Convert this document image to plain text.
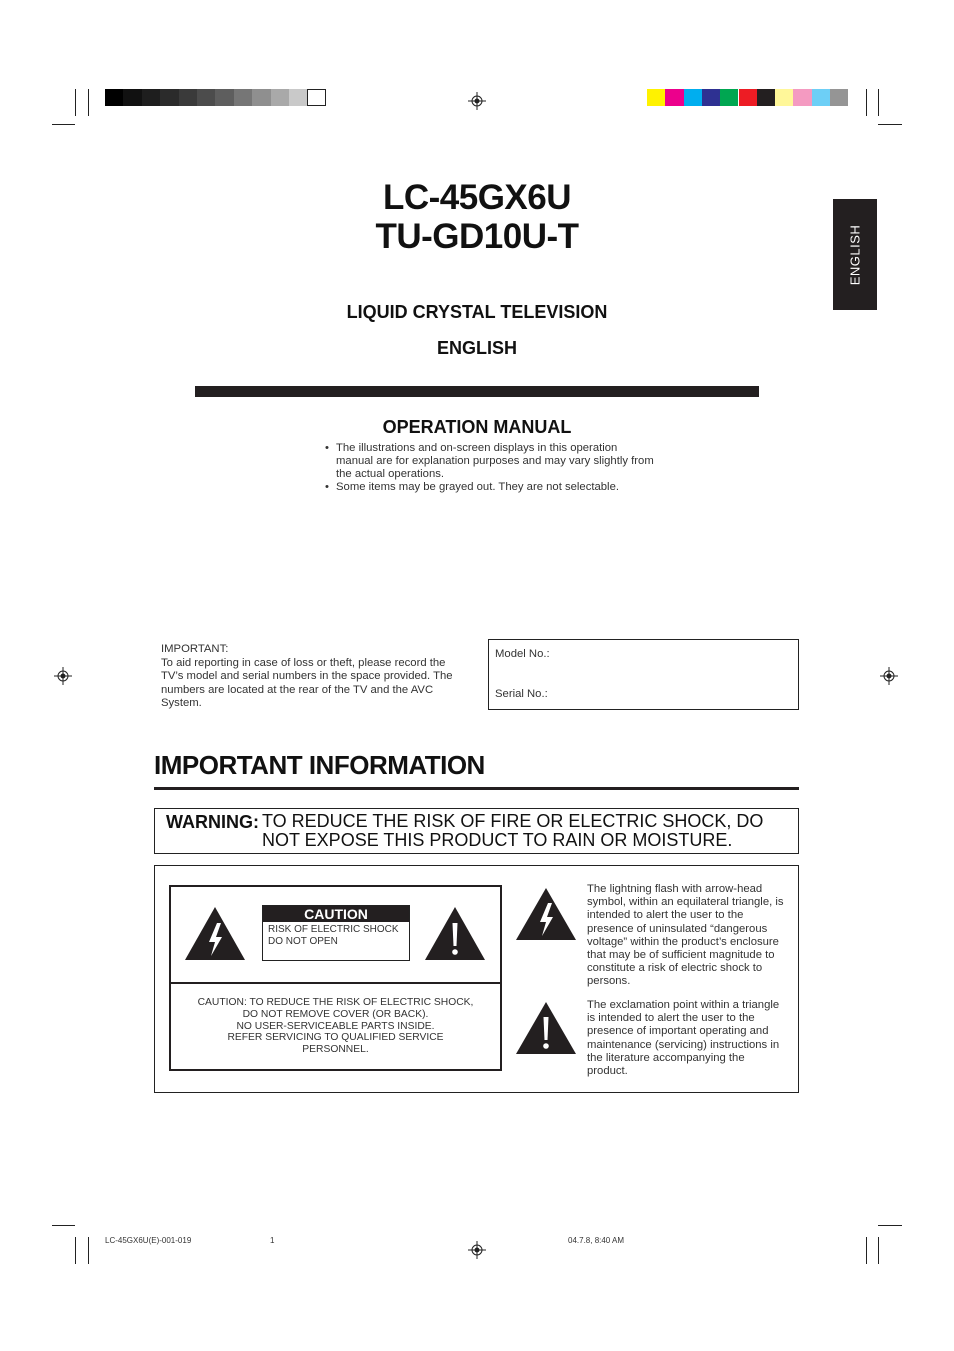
LC-45GX6U
TU-GD10U-T
LIQUID CRYSTAL TELEVISION
ENGLISH
ENGLISH
OPERATION MANUAL
• The illustrations and on-screen displays in this operation manual are for explanation purposes and may vary slightly from the actual operations.
• Some items may be grayed out. They are not selectable.
IMPORTANT:
To aid reporting in case of loss or theft, please record the TV’s model and serial numbers in the space provided. The numbers are located at the rear of the TV and the AVC System.
Model No.:
Serial No.:
IMPORTANT INFORMATION
WARNING: TO REDUCE THE RISK OF FIRE OR ELECTRIC SHOCK, DO NOT EXPOSE THIS PRODUCT TO RAIN OR MOISTURE.
CAUTION
RISK OF ELECTRIC SHOCK
DO NOT OPEN
CAUTION: TO REDUCE THE RISK OF ELECTRIC SHOCK,
DO NOT REMOVE COVER (OR BACK).
NO USER-SERVICEABLE PARTS INSIDE.
REFER SERVICING TO QUALIFIED SERVICE
PERSONNEL.
The lightning flash with arrow-head symbol, within an equilateral triangle, is intended to alert the user to the presence of uninsulated “dangerous voltage” within the product’s enclosure that may be of sufficient magnitude to constitute a risk of electric shock to persons.
The exclamation point within a triangle is intended to alert the user to the presence of important operating and maintenance (servicing) instructions in the literature accompanying the product.
LC-45GX6U(E)-001-019	1	04.7.8, 8:40 AM
